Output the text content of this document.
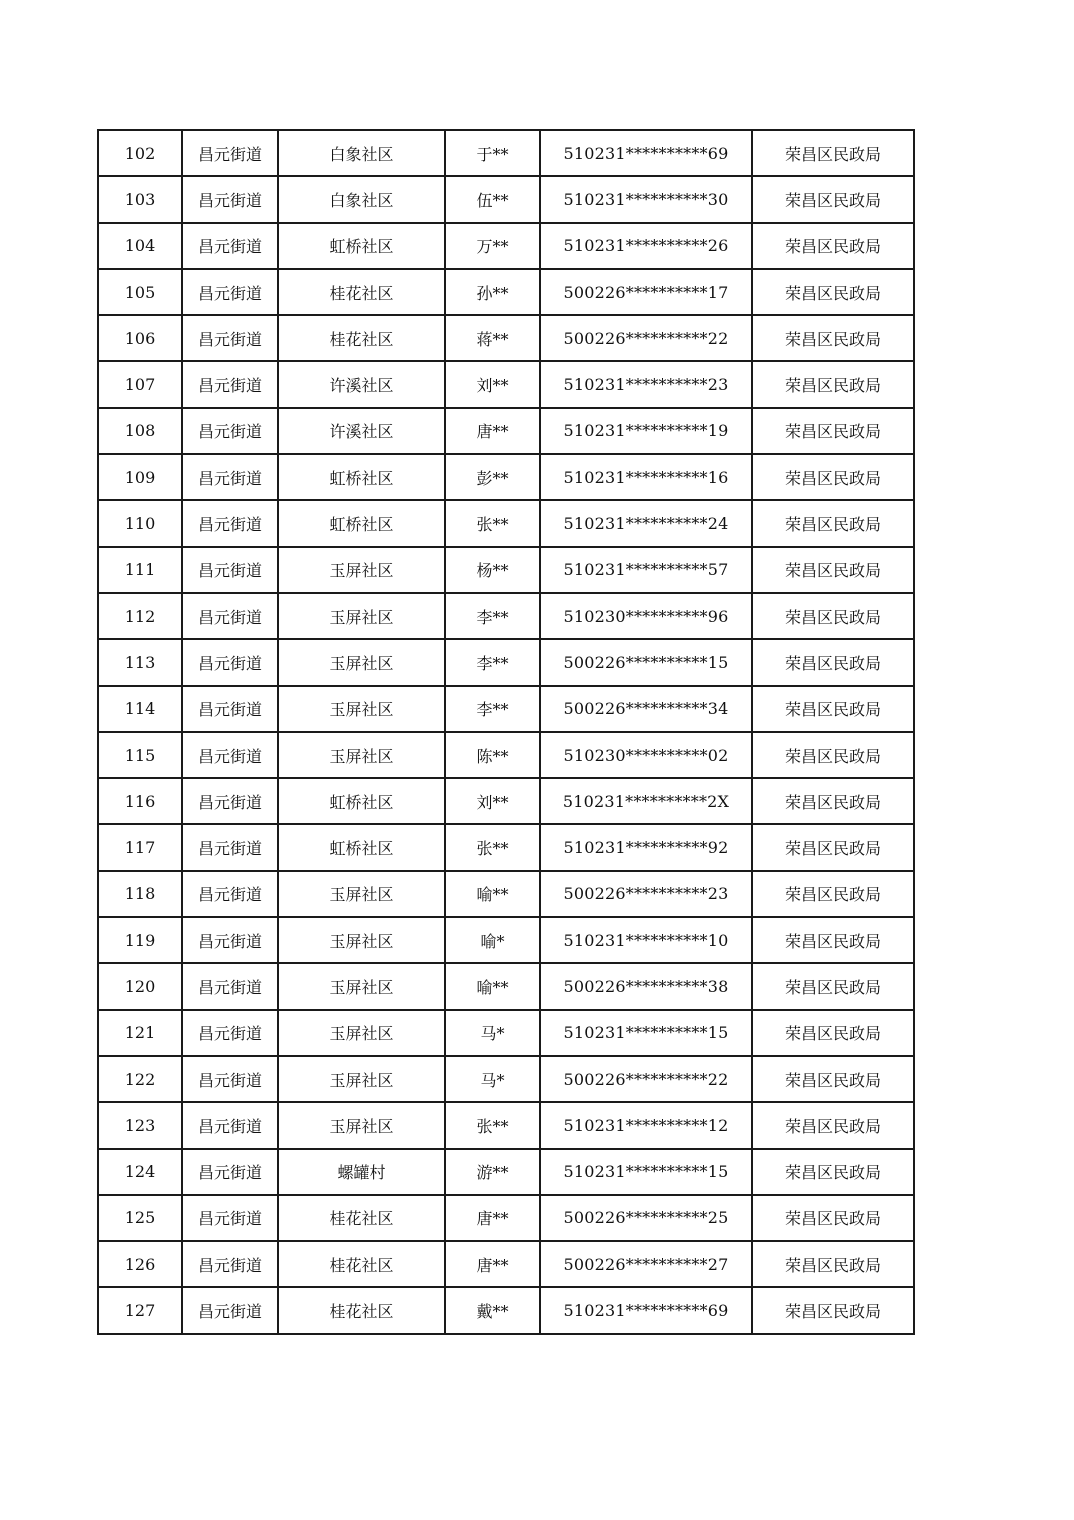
102	昌元街道	白象社区	于**	510231**********69	荣昌区民政局
103	昌元街道	白象社区	伍**	510231**********30	荣昌区民政局
104	昌元街道	虹桥社区	万**	510231**********26	荣昌区民政局
105	昌元街道	桂花社区	孙**	500226**********17	荣昌区民政局
106	昌元街道	桂花社区	蒋**	500226**********22	荣昌区民政局
107	昌元街道	许溪社区	刘**	510231**********23	荣昌区民政局
108	昌元街道	许溪社区	唐**	510231**********19	荣昌区民政局
109	昌元街道	虹桥社区	彭**	510231**********16	荣昌区民政局
110	昌元街道	虹桥社区	张**	510231**********24	荣昌区民政局
111	昌元街道	玉屏社区	杨**	510231**********57	荣昌区民政局
112	昌元街道	玉屏社区	李**	510230**********96	荣昌区民政局
113	昌元街道	玉屏社区	李**	500226**********15	荣昌区民政局
114	昌元街道	玉屏社区	李**	500226**********34	荣昌区民政局
115	昌元街道	玉屏社区	陈**	510230**********02	荣昌区民政局
116	昌元街道	虹桥社区	刘**	510231**********2X	荣昌区民政局
117	昌元街道	虹桥社区	张**	510231**********92	荣昌区民政局
118	昌元街道	玉屏社区	喻**	500226**********23	荣昌区民政局
119	昌元街道	玉屏社区	喻*	510231**********10	荣昌区民政局
120	昌元街道	玉屏社区	喻**	500226**********38	荣昌区民政局
121	昌元街道	玉屏社区	马*	510231**********15	荣昌区民政局
122	昌元街道	玉屏社区	马*	500226**********22	荣昌区民政局
123	昌元街道	玉屏社区	张**	510231**********12	荣昌区民政局
124	昌元街道	螺罐村	游**	510231**********15	荣昌区民政局
125	昌元街道	桂花社区	唐**	500226**********25	荣昌区民政局
126	昌元街道	桂花社区	唐**	500226**********27	荣昌区民政局
127	昌元街道	桂花社区	戴**	510231**********69	荣昌区民政局
